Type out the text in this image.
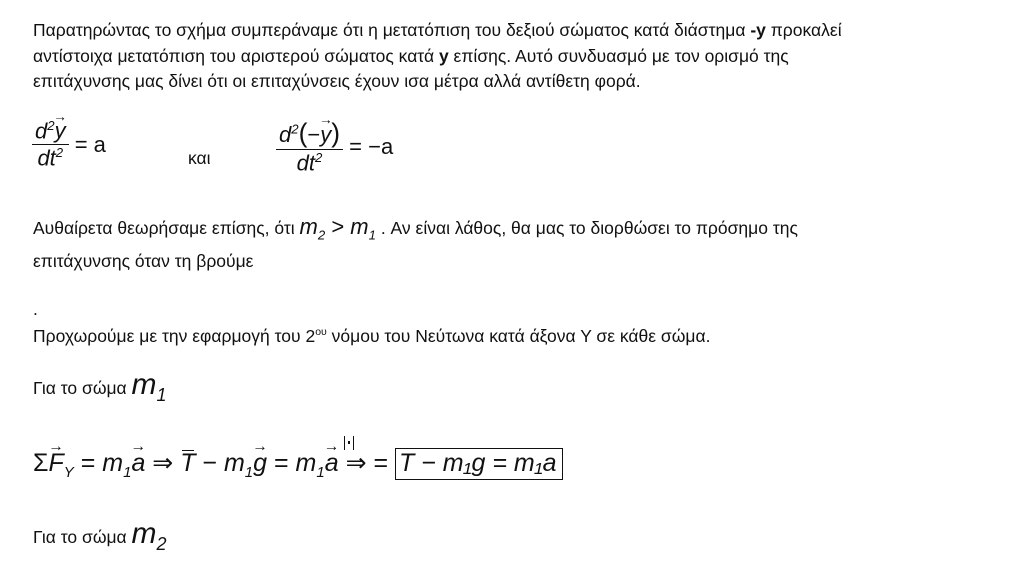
Παρατηρώντας το σχήμα συμπεράναμε ότι η μετατόπιση του δεξιού σώματος κατά διάστημα -y προκαλεί
αντίστοιχα μετατόπιση του αριστερού σώματος κατά y επίσης. Αυτό συνδυασμό με τον ορισμό της
επιτάχυνσης μας δίνει ότι οι επιταχύνσεις έχουν ισα μέτρα αλλά αντίθετη φορά.
$\frac{d^2\to y}{dt^2} = a$
και	$\frac{d^2(-\to y)}{dt^2} = -a$
Αυθαίρετα θεωρήσαμε επίσης, ότι $m_2 > m_1$ . Αν είναι λάθος, θα μας το διορθώσει το πρόσημο της
επιτάχυνσης όταν τη βρούμε
.
Προχωρούμε με την εφαρμογή του $2^{o\upsilon}$ νόμου του Νεύτωνα κατά άξονα Υ σε κάθε σώμα.
Για το σώμα $m_1$
$\Sigma\to F_Y = m_1\to a$ ⇒ $T - m_1\to g = m_1\to a$ ⇒ = T − m₁g = m₁a
Για το σώμα $m_2$
